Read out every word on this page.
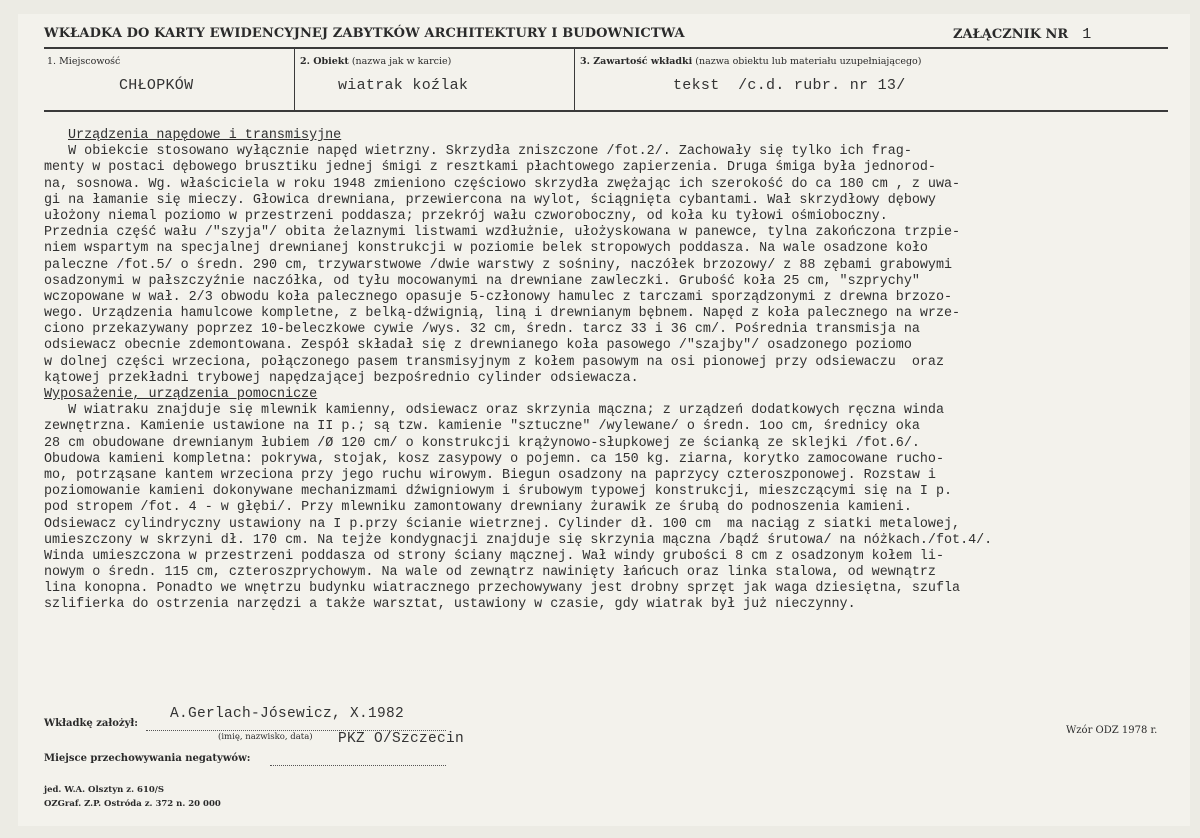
WKŁADKA DO KARTY EWIDENCYJNEJ ZABYTKÓW ARCHITEKTURY I BUDOWNICTWA	ZAŁĄCZNIK NR 1
1. Miejscowość
CHŁOPKÓW
2. Obiekt (nazwa jak w karcie)
wiatrak koźlak
3. Zawartość wkładki (nazwa obiektu lub materiału uzupełniającego)
tekst  /c.d. rubr. nr 13/
Wkładkę założył:
A.Gerlach-Jósewicz, X.1982
(imię, nazwisko, data) PKZ O/Szczecin
Miejsce przechowywania negatywów:
Wzór ODZ 1978 r.
jed. W.A. Olsztyn z. 610/S
OZGraf. Z.P. Ostróda z. 372 n. 20 000
Urządzenia napędowe i transmisyjne
W obiekcie stosowano wyłącznie napęd wietrzny. Skrzydła zniszczone /fot.2/. Zachowały się tylko ich frag-
menty w postaci dębowego brusztiku jednej śmigi z resztkami płachtowego zapierzenia. Druga śmiga była jednorod-
na, sosnowa. Wg. właściciela w roku 1948 zmieniono częściowo skrzydła zwężając ich szerokość do ca 180 cm , z uwa-
gi na łamanie się mieczy. Głowica drewniana, przewiercona na wylot, ściągnięta cybantami. Wał skrzydłowy dębowy
ułożony niemal poziomo w przestrzeni poddasza; przekrój wału czworoboczny, od koła ku tyłowi ośmioboczny.
Przednia część wału /"szyja"/ obita żelaznymi listwami wzdłużnie, ułożyskowana w panewce, tylna zakończona trzpie-
niem wspartym na specjalnej drewnianej konstrukcji w poziomie belek stropowych poddasza. Na wale osadzone koło
paleczne /fot.5/ o średn. 290 cm, trzywarstwowe /dwie warstwy z sośniny, naczółek brzozowy/ z 88 zębami grabowymi
osadzonymi w pałszczyźnie naczółka, od tyłu mocowanymi na drewniane zawleczki. Grubość koła 25 cm, "szprychy"
wczopowane w wał. 2/3 obwodu koła palecznego opasuje 5-członowy hamulec z tarczami sporządzonymi z drewna brzozo-
wego. Urządzenia hamulcowe kompletne, z belką-dźwignią, liną i drewnianym bębnem. Napęd z koła palecznego na wrze-
ciono przekazywany poprzez 10-beleczkowe cywie /wys. 32 cm, średn. tarcz 33 i 36 cm/. Pośrednia transmisja na
odsiewacz obecnie zdemontowana. Zespół składał się z drewnianego koła pasowego /"szajby"/ osadzonego poziomo
w dolnej części wrzeciona, połączonego pasem transmisyjnym z kołem pasowym na osi pionowej przy odsiewaczu  oraz
kątowej przekładni trybowej napędzającej bezpośrednio cylinder odsiewacza.
Wyposażenie, urządzenia pomocnicze
W wiatraku znajduje się mlewnik kamienny, odsiewacz oraz skrzynia mączna; z urządzeń dodatkowych ręczna winda
zewnętrzna. Kamienie ustawione na II p.; są tzw. kamienie "sztuczne" /wylewane/ o średn. 1oo cm, średnicy oka
28 cm obudowane drewnianym łubiem /Ø 120 cm/ o konstrukcji krążynowo-słupkowej ze ścianką ze sklejki /fot.6/.
Obudowa kamieni kompletna: pokrywa, stojak, kosz zasypowy o pojemn. ca 150 kg. ziarna, korytko zamocowane rucho-
mo, potrząsane kantem wrzeciona przy jego ruchu wirowym. Biegun osadzony na paprzycy czteroszponowej. Rozstaw i
poziomowanie kamieni dokonywane mechanizmami dźwigniowym i śrubowym typowej konstrukcji, mieszczącymi się na I p.
pod stropem /fot. 4 - w głębi/. Przy mlewniku zamontowany drewniany żurawik ze śrubą do podnoszenia kamieni.
Odsiewacz cylindryczny ustawiony na I p.przy ścianie wietrznej. Cylinder dł. 100 cm  ma naciąg z siatki metalowej,
umieszczony w skrzyni dł. 170 cm. Na tejże kondygnacji znajduje się skrzynia mączna /bądź śrutowa/ na nóżkach./fot.4/.
Winda umieszczona w przestrzeni poddasza od strony ściany mącznej. Wał windy grubości 8 cm z osadzonym kołem li-
nowym o średn. 115 cm, czteroszprychowym. Na wale od zewnątrz nawinięty łańcuch oraz linka stalowa, od wewnątrz
lina konopna. Ponadto we wnętrzu budynku wiatracznego przechowywany jest drobny sprzęt jak waga dziesiętna, szufla
szlifierka do ostrzenia narzędzi a także warsztat, ustawiony w czasie, gdy wiatrak był już nieczynny.
